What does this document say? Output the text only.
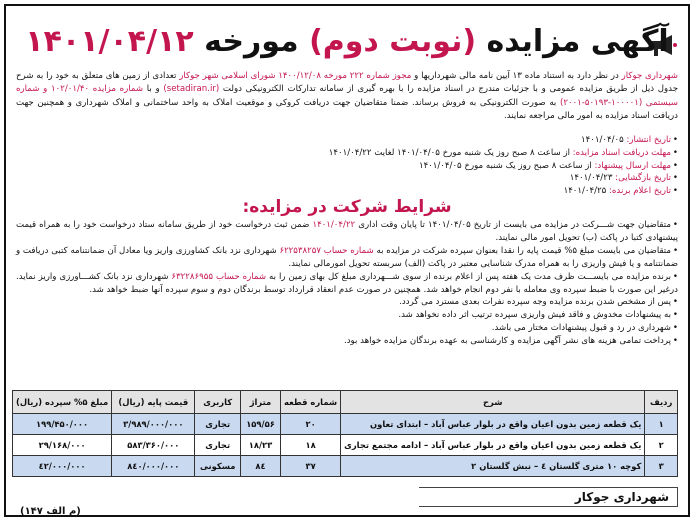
آگهی مزایده (نوبت دوم) مورخه ۱۴۰۱/۰۴/۱۲
شهرداری جوکار در نظر دارد به استناد ماده ۱۳ آیین نامه مالی شهرداریها و مجوز شماره ۲۲۲ مورخه ۱۴۰۰/۱۲/۰۸ شورای اسلامی شهر جوکار تعدادی از زمین های متعلق به خود را به شرح جدول ذیل از طریق مزایده عمومی و با جزئیات مندرج در اسناد مزایده را با بهره گیری از سامانه تدارکات الکترونیکی دولت (setadiran.ir) و با شماره مزایده ۱۰۲/۰۱/۴۰ و شماره سیستمی (۱۰۰۰۰۱-۵۰۱۹۳-۲۰۰۱) به صورت الکترونیکی به فروش برساند. ضمنا متقاضیان جهت دریافت کروکی و موقعیت املاک به واحد ساختمانی و املاک شهرداری و همچنین جهت دریافت اسناد مزایده به امور مالی مراجعه نمایند.
•تاریخ انتشار: ۱۴۰۱/۰۴/۰۵
•مهلت دریافت اسناد مزایده: از ساعت ۸ صبح روز یک شنبه مورخ ۱۴۰۱/۰۴/۰۵ لغایت ۱۴۰۱/۰۴/۲۲
•مهلت ارسال پیشنهاد: از ساعت ۸ صبح روز یک شنبه مورخ ۱۴۰۱/۰۴/۰۵
•تاریخ بازگشایی: ۱۴۰۱/۰۴/۲۳
•تاریخ اعلام برنده: ۱۴۰۱/۰۴/۲۵
شرایط شرکت در مزایده:

•متقاضیان جهت شـــرکت در مزایده می بایست از تاریخ ۱۴۰۱/۰۴/۰۵ تا پایان وقت اداری ۱۴۰۱/۰۴/۲۲ ضمن ثبت درخواست خود از طریق سامانه ستاد درخواست خود را به همراه قیمت پیشنهادی کتبا در پاکت (ب) تحویل امور مالی نمایند.

•متقاضیان می بایست مبلغ ۵% قیمت پایه را نقدا بعنوان سپرده شرکت در مزایده به شماره حساب ۶۲۲۵۳۸۲۵۷ شهرداری نزد بانک کشاورزی واریز ویا معادل آن ضمانتنامه کتبی دریافت و ضمانتنامه و یا فیش واریزی را به همراه مدرک شناسایی معتبر در پاکت (الف) سربسته تحویل امورمالی نمایند.

•برنده مزایده می بایســـت ظرف مدت یک هفته پس از اعلام برنده از سوی شـــهرداری مبلغ کل بهای زمین را به شماره حساب ۶۳۲۲۸۶۹۵۵ شهرداری نزد بانک کشـــاورزی واریز نماید. درغیر این صورت با ضبط سپرده وی معامله با نفر دوم انجام خواهد شد. همچنین در صورت عدم انعقاد قرارداد توسط برندگان دوم و سوم سپرده آنها ضبط خواهد شد.

•پس از مشخص شدن برنده مزایده وجه سپرده نفرات بعدی مسترد می گردد.

•به پیشنهادات مخدوش و فاقد فیش واریزی سپرده ترتیب اثر داده نخواهد شد.

•شهرداری در رد و قبول پیشنهادات مختار می باشد.

•پرداخت تمامی هزینه های نشر آگهی مزایده و کارشناسی به عهده برندگان مزایده خواهد بود.

ردیف	شرح	شماره قطعه	متراژ	کاربری	قیمت پایه (ریال)	مبلغ ۵% سپرده (ریال)
۱	یک قطعه زمین بدون اعیان واقع در بلوار عباس آباد – ابتدای تعاون	۲۰	۱۵۹/۵۶	تجاری	۳/۹۸۹/۰۰۰/۰۰۰	۱۹۹/۴۵۰/۰۰۰
۲	یک قطعه زمین بدون اعیان واقع در بلوار عباس آباد – ادامه مجتمع تجاری	۱۸	۱۸/۲۳	تجاری	۵۸۳/۳۶۰/۰۰۰	۲۹/۱۶۸/۰۰۰
۳	کوچه ۱۰ متری گلستان ٤ – نبش گلستان ۲	۳۷	۸٤	مسکونی	۸٤۰/۰۰۰/۰۰۰	٤۲/۰۰۰/۰۰۰
شهرداری جوکار
(م الف ۱۴۷)
